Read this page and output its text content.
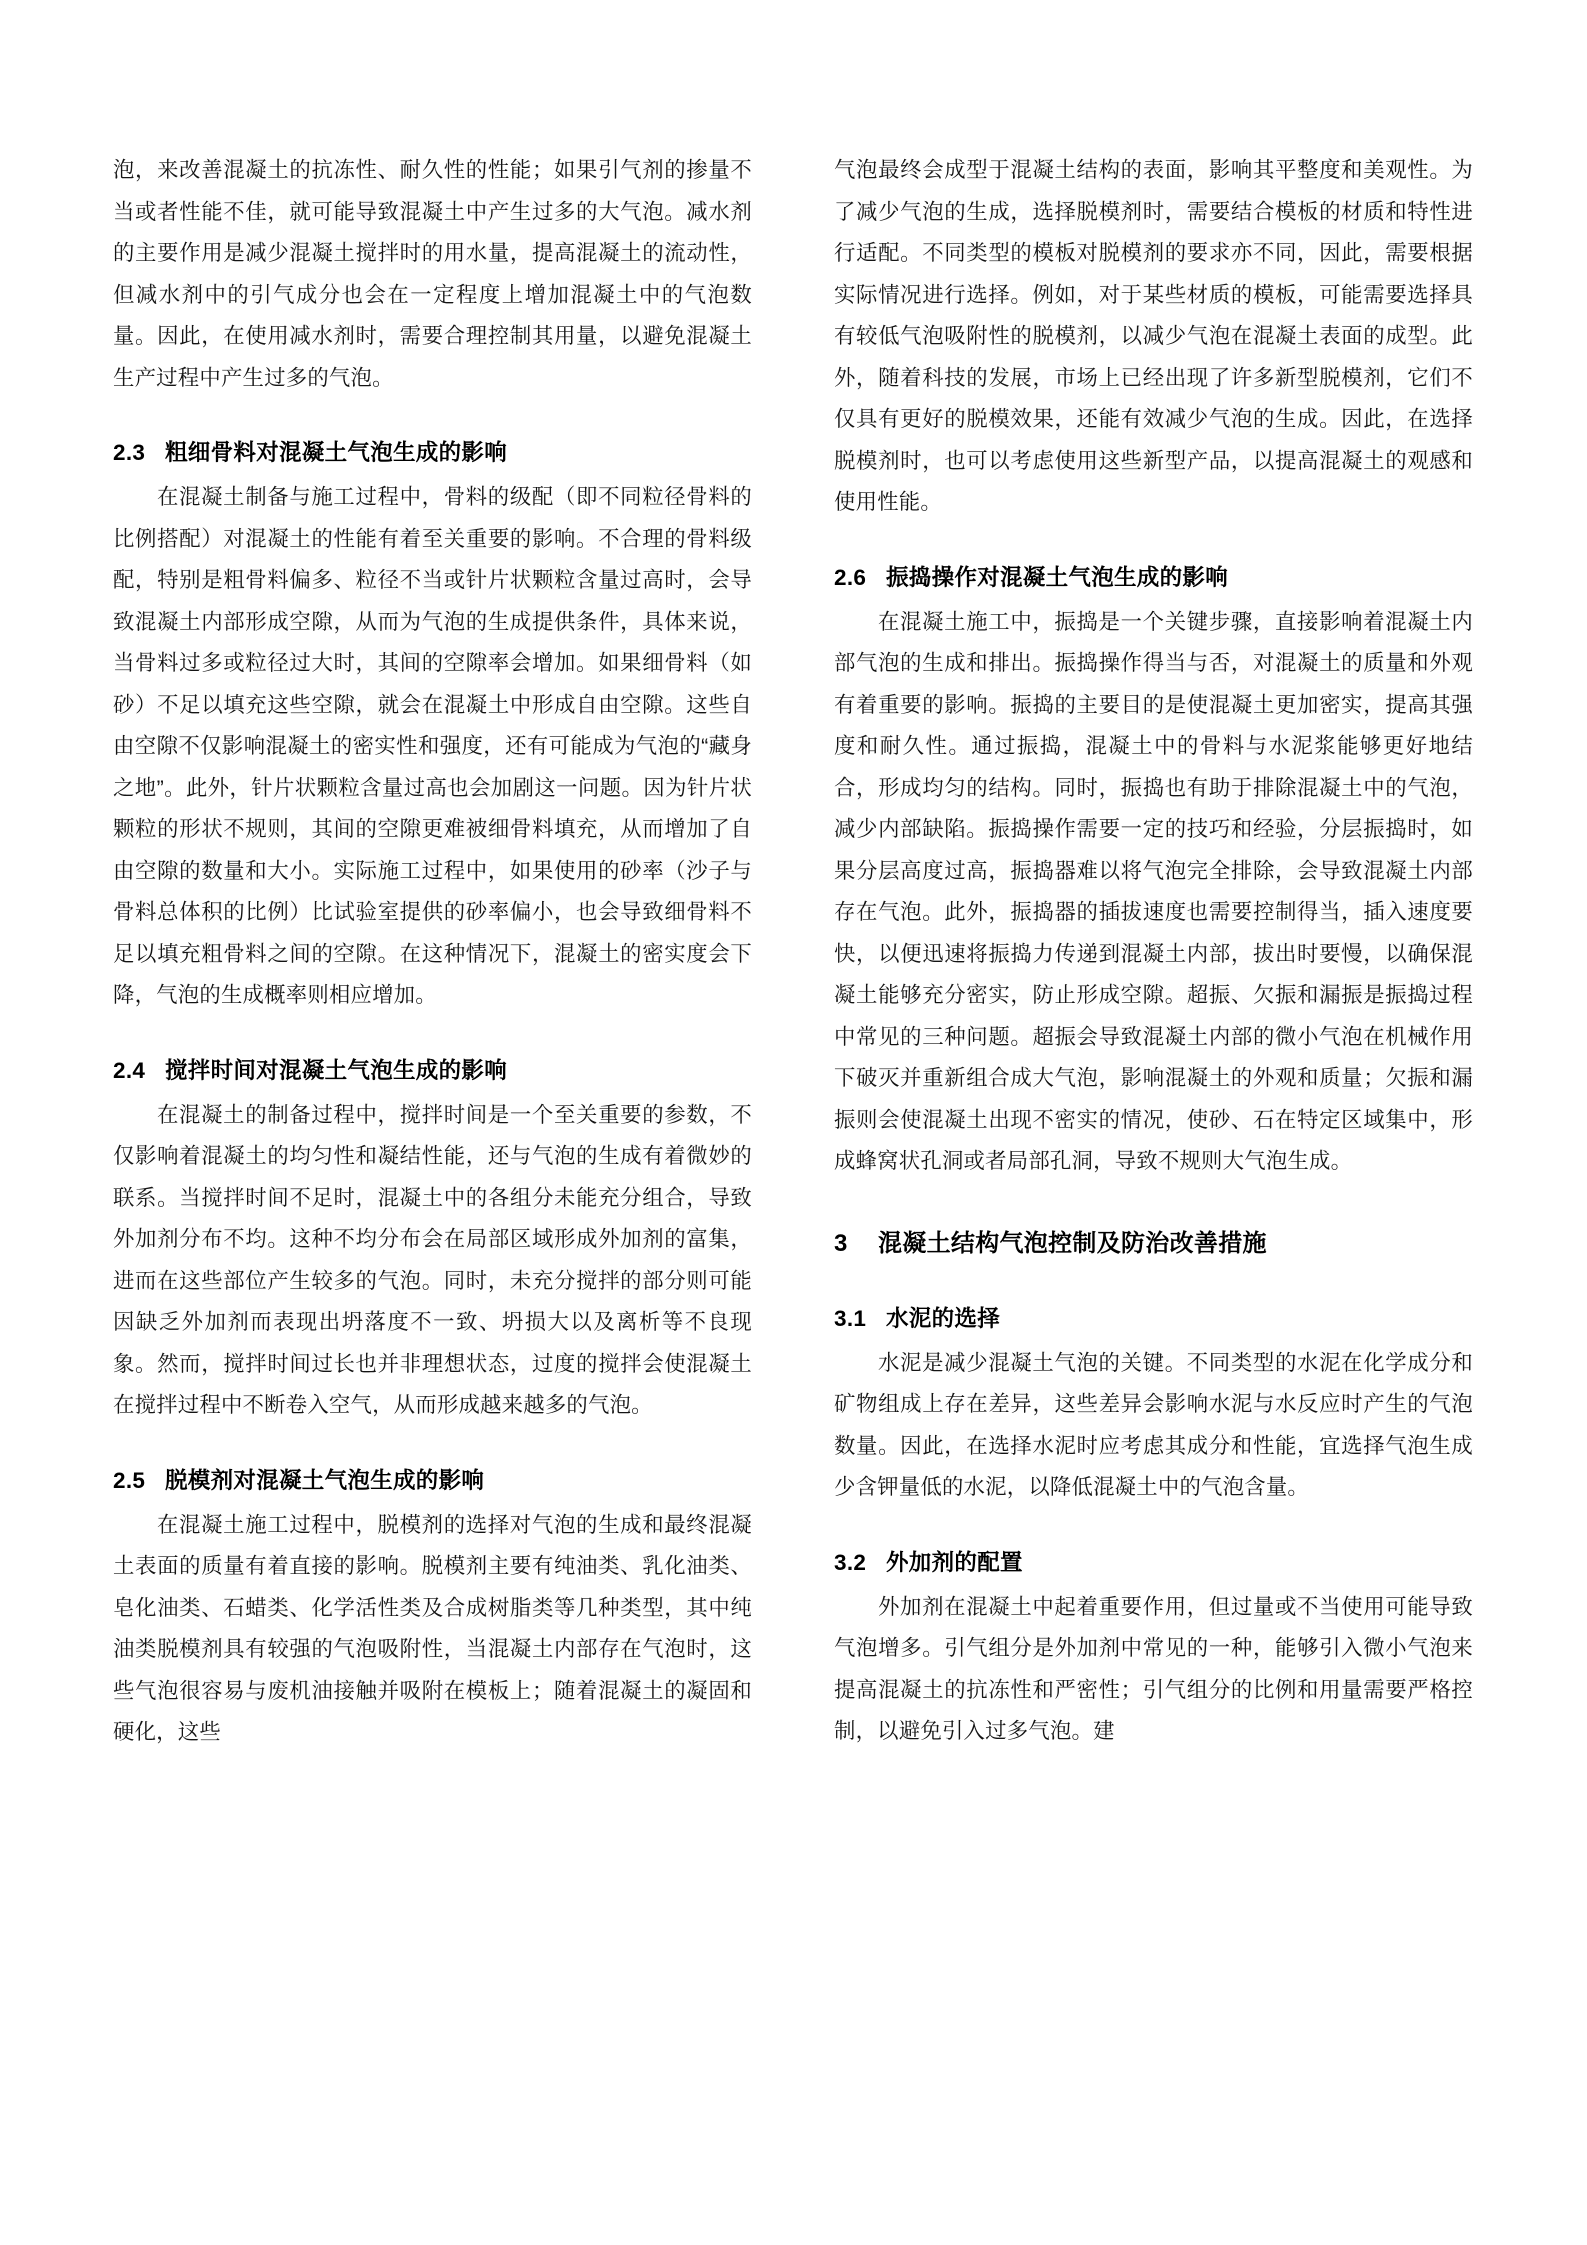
泡，来改善混凝土的抗冻性、耐久性的性能；如果引气剂的掺量不当或者性能不佳，就可能导致混凝土中产生过多的大气泡。减水剂的主要作用是减少混凝土搅拌时的用水量，提高混凝土的流动性，但减水剂中的引气成分也会在一定程度上增加混凝土中的气泡数量。因此，在使用减水剂时，需要合理控制其用量，以避免混凝土生产过程中产生过多的气泡。

2.3 粗细骨料对混凝土气泡生成的影响

在混凝土制备与施工过程中，骨料的级配（即不同粒径骨料的比例搭配）对混凝土的性能有着至关重要的影响。不合理的骨料级配，特别是粗骨料偏多、粒径不当或针片状颗粒含量过高时，会导致混凝土内部形成空隙，从而为气泡的生成提供条件，具体来说，当骨料过多或粒径过大时，其间的空隙率会增加。如果细骨料（如砂）不足以填充这些空隙，就会在混凝土中形成自由空隙。这些自由空隙不仅影响混凝土的密实性和强度，还有可能成为气泡的“藏身之地”。此外，针片状颗粒含量过高也会加剧这一问题。因为针片状颗粒的形状不规则，其间的空隙更难被细骨料填充，从而增加了自由空隙的数量和大小。实际施工过程中，如果使用的砂率（沙子与骨料总体积的比例）比试验室提供的砂率偏小，也会导致细骨料不足以填充粗骨料之间的空隙。在这种情况下，混凝土的密实度会下降，气泡的生成概率则相应增加。

2.4 搅拌时间对混凝土气泡生成的影响

在混凝土的制备过程中，搅拌时间是一个至关重要的参数，不仅影响着混凝土的均匀性和凝结性能，还与气泡的生成有着微妙的联系。当搅拌时间不足时，混凝土中的各组分未能充分组合，导致外加剂分布不均。这种不均分布会在局部区域形成外加剂的富集，进而在这些部位产生较多的气泡。同时，未充分搅拌的部分则可能因缺乏外加剂而表现出坍落度不一致、坍损大以及离析等不良现象。然而，搅拌时间过长也并非理想状态，过度的搅拌会使混凝土在搅拌过程中不断卷入空气，从而形成越来越多的气泡。

2.5 脱模剂对混凝土气泡生成的影响

在混凝土施工过程中，脱模剂的选择对气泡的生成和最终混凝土表面的质量有着直接的影响。脱模剂主要有纯油类、乳化油类、皂化油类、石蜡类、化学活性类及合成树脂类等几种类型，其中纯油类脱模剂具有较强的气泡吸附性，当混凝土内部存在气泡时，这些气泡很容易与废机油接触并吸附在模板上；随着混凝土的凝固和硬化，这些

气泡最终会成型于混凝土结构的表面，影响其平整度和美观性。为了减少气泡的生成，选择脱模剂时，需要结合模板的材质和特性进行适配。不同类型的模板对脱模剂的要求亦不同，因此，需要根据实际情况进行选择。例如，对于某些材质的模板，可能需要选择具有较低气泡吸附性的脱模剂，以减少气泡在混凝土表面的成型。此外，随着科技的发展，市场上已经出现了许多新型脱模剂，它们不仅具有更好的脱模效果，还能有效减少气泡的生成。因此，在选择脱模剂时，也可以考虑使用这些新型产品，以提高混凝土的观感和使用性能。

2.6 振捣操作对混凝土气泡生成的影响

在混凝土施工中，振捣是一个关键步骤，直接影响着混凝土内部气泡的生成和排出。振捣操作得当与否，对混凝土的质量和外观有着重要的影响。振捣的主要目的是使混凝土更加密实，提高其强度和耐久性。通过振捣，混凝土中的骨料与水泥浆能够更好地结合，形成均匀的结构。同时，振捣也有助于排除混凝土中的气泡，减少内部缺陷。振捣操作需要一定的技巧和经验，分层振捣时，如果分层高度过高，振捣器难以将气泡完全排除，会导致混凝土内部存在气泡。此外，振捣器的插拔速度也需要控制得当，插入速度要快，以便迅速将振捣力传递到混凝土内部，拔出时要慢，以确保混凝土能够充分密实，防止形成空隙。超振、欠振和漏振是振捣过程中常见的三种问题。超振会导致混凝土内部的微小气泡在机械作用下破灭并重新组合成大气泡，影响混凝土的外观和质量；欠振和漏振则会使混凝土出现不密实的情况，使砂、石在特定区域集中，形成蜂窝状孔洞或者局部孔洞，导致不规则大气泡生成。

3 混凝土结构气泡控制及防治改善措施
3.1 水泥的选择

水泥是减少混凝土气泡的关键。不同类型的水泥在化学成分和矿物组成上存在差异，这些差异会影响水泥与水反应时产生的气泡数量。因此，在选择水泥时应考虑其成分和性能，宜选择气泡生成少含钾量低的水泥，以降低混凝土中的气泡含量。

3.2 外加剂的配置

外加剂在混凝土中起着重要作用，但过量或不当使用可能导致气泡增多。引气组分是外加剂中常见的一种，能够引入微小气泡来提高混凝土的抗冻性和严密性；引气组分的比例和用量需要严格控制，以避免引入过多气泡。建
